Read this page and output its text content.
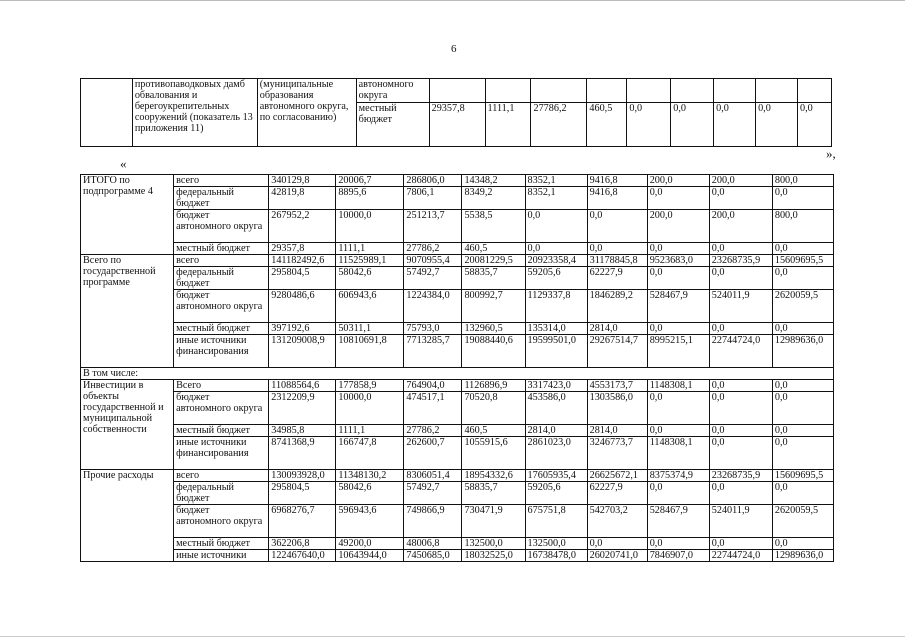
6
	противопаводковых дамб обвалования и берегоукрепительных сооружений (показатель 13 приложения 11)	(муниципальные образования автономного округа, по согласованию)	автономного округа									
			местный бюджет	29357,8	1111,1	27786,2	460,5	0,0	0,0	0,0	0,0	0,0
»,
«
ИТОГО по подпрограмме 4	всего	340129,8	20006,7	286806,0	14348,2	8352,1	9416,8	200,0	200,0	800,0
	федеральный бюджет	42819,8	8895,6	7806,1	8349,2	8352,1	9416,8	0,0	0,0	0,0
	бюджет автономного округа	267952,2	10000,0	251213,7	5538,5	0,0	0,0	200,0	200,0	800,0
	местный бюджет	29357,8	1111,1	27786,2	460,5	0,0	0,0	0,0	0,0	0,0
Всего по государственной программе	всего	141182492,6	11525989,1	9070955,4	20081229,5	20923358,4	31178845,8	9523683,0	23268735,9	15609695,5
	федеральный бюджет	295804,5	58042,6	57492,7	58835,7	59205,6	62227,9	0,0	0,0	0,0
	бюджет автономного округа	9280486,6	606943,6	1224384,0	800992,7	1129337,8	1846289,2	528467,9	524011,9	2620059,5
	местный бюджет	397192,6	50311,1	75793,0	132960,5	135314,0	2814,0	0,0	0,0	0,0
	иные источники финансирования	131209008,9	10810691,8	7713285,7	19088440,6	19599501,0	29267514,7	8995215,1	22744724,0	12989636,0
В том числе:										
Инвестиции в объекты государственной и муниципальной собственности	Всего	11088564,6	177858,9	764904,0	1126896,9	3317423,0	4553173,7	1148308,1	0,0	0,0
	бюджет автономного округа	2312209,9	10000,0	474517,1	70520,8	453586,0	1303586,0	0,0	0,0	0,0
	местный бюджет	34985,8	1111,1	27786,2	460,5	2814,0	2814,0	0,0	0,0	0,0
	иные источники финансирования	8741368,9	166747,8	262600,7	1055915,6	2861023,0	3246773,7	1148308,1	0,0	0,0
Прочие расходы	всего	130093928,0	11348130,2	8306051,4	18954332,6	17605935,4	26625672,1	8375374,9	23268735,9	15609695,5
	федеральный бюджет	295804,5	58042,6	57492,7	58835,7	59205,6	62227,9	0,0	0,0	0,0
	бюджет автономного округа	6968276,7	596943,6	749866,9	730471,9	675751,8	542703,2	528467,9	524011,9	2620059,5
	местный бюджет	362206,8	49200,0	48006,8	132500,0	132500,0	0,0	0,0	0,0	0,0
	иные источники	122467640,0	10643944,0	7450685,0	18032525,0	16738478,0	26020741,0	7846907,0	22744724,0	12989636,0
